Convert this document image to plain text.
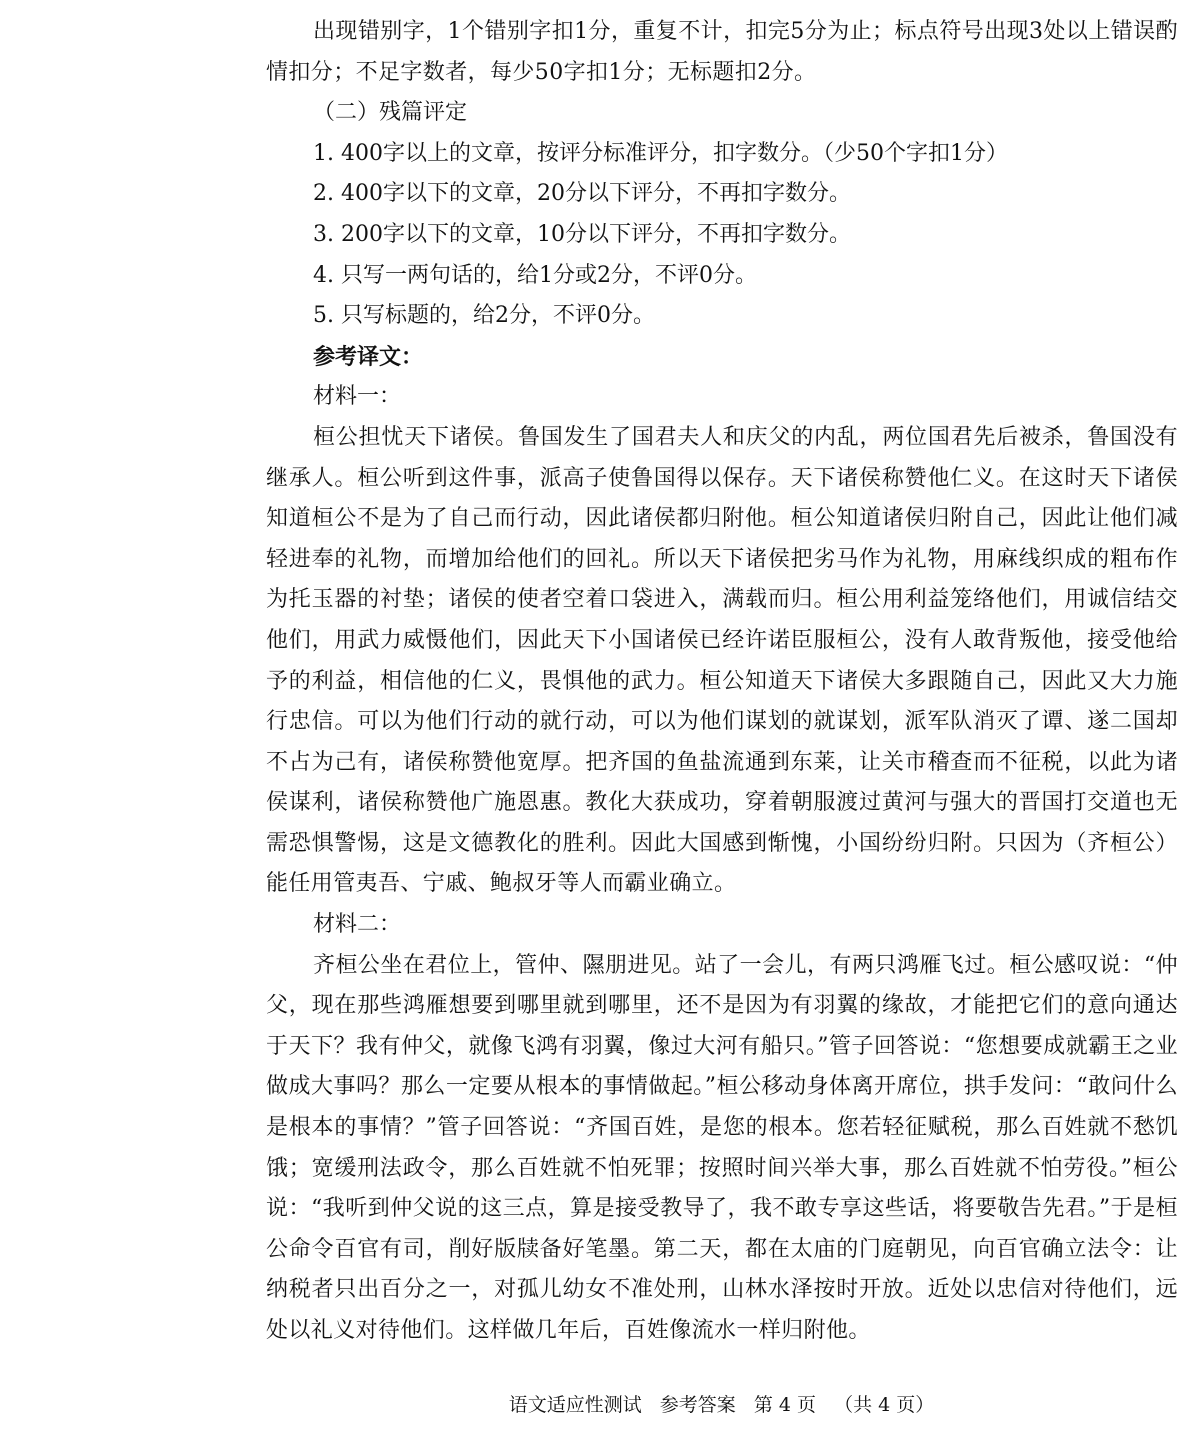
出现错别字，1个错别字扣1分，重复不计，扣完5分为止；标点符号出现3处以上错误酌情扣分；不足字数者，每少50字扣1分；无标题扣2分。

（二）残篇评定
1. 400字以上的文章，按评分标准评分，扣字数分。（少50个字扣1分）
2. 400字以下的文章，20分以下评分，不再扣字数分。
3. 200字以下的文章，10分以下评分，不再扣字数分。
4. 只写一两句话的，给1分或2分，不评0分。
5. 只写标题的，给2分，不评0分。
参考译文：
材料一：

桓公担忧天下诸侯。鲁国发生了国君夫人和庆父的内乱，两位国君先后被杀，鲁国没有继承人。桓公听到这件事，派高子使鲁国得以保存。天下诸侯称赞他仁义。在这时天下诸侯知道桓公不是为了自己而行动，因此诸侯都归附他。桓公知道诸侯归附自己，因此让他们减轻进奉的礼物，而增加给他们的回礼。所以天下诸侯把劣马作为礼物，用麻线织成的粗布作为托玉器的衬垫；诸侯的使者空着口袋进入，满载而归。桓公用利益笼络他们，用诚信结交他们，用武力威慑他们，因此天下小国诸侯已经许诺臣服桓公，没有人敢背叛他，接受他给予的利益，相信他的仁义，畏惧他的武力。桓公知道天下诸侯大多跟随自己，因此又大力施行忠信。可以为他们行动的就行动，可以为他们谋划的就谋划，派军队消灭了谭、遂二国却不占为己有，诸侯称赞他宽厚。把齐国的鱼盐流通到东莱，让关市稽查而不征税，以此为诸侯谋利，诸侯称赞他广施恩惠。教化大获成功，穿着朝服渡过黄河与强大的晋国打交道也无需恐惧警惕，这是文德教化的胜利。因此大国感到惭愧，小国纷纷归附。只因为（齐桓公）能任用管夷吾、宁戚、鲍叔牙等人而霸业确立。

材料二：

齐桓公坐在君位上，管仲、隰朋进见。站了一会儿，有两只鸿雁飞过。桓公感叹说：“仲父，现在那些鸿雁想要到哪里就到哪里，还不是因为有羽翼的缘故，才能把它们的意向通达于天下？我有仲父，就像飞鸿有羽翼，像过大河有船只。”管子回答说：“您想要成就霸王之业做成大事吗？那么一定要从根本的事情做起。”桓公移动身体离开席位，拱手发问：“敢问什么是根本的事情？”管子回答说：“齐国百姓，是您的根本。您若轻征赋税，那么百姓就不愁饥饿；宽缓刑法政令，那么百姓就不怕死罪；按照时间兴举大事，那么百姓就不怕劳役。”桓公说：“我听到仲父说的这三点，算是接受教导了，我不敢专享这些话，将要敬告先君。”于是桓公命令百官有司，削好版牍备好笔墨。第二天，都在太庙的门庭朝见，向百官确立法令：让纳税者只出百分之一，对孤儿幼女不准处刑，山林水泽按时开放。近处以忠信对待他们，远处以礼义对待他们。这样做几年后，百姓像流水一样归附他。

语文适应性测试 参考答案 第 4 页 （共 4 页）
